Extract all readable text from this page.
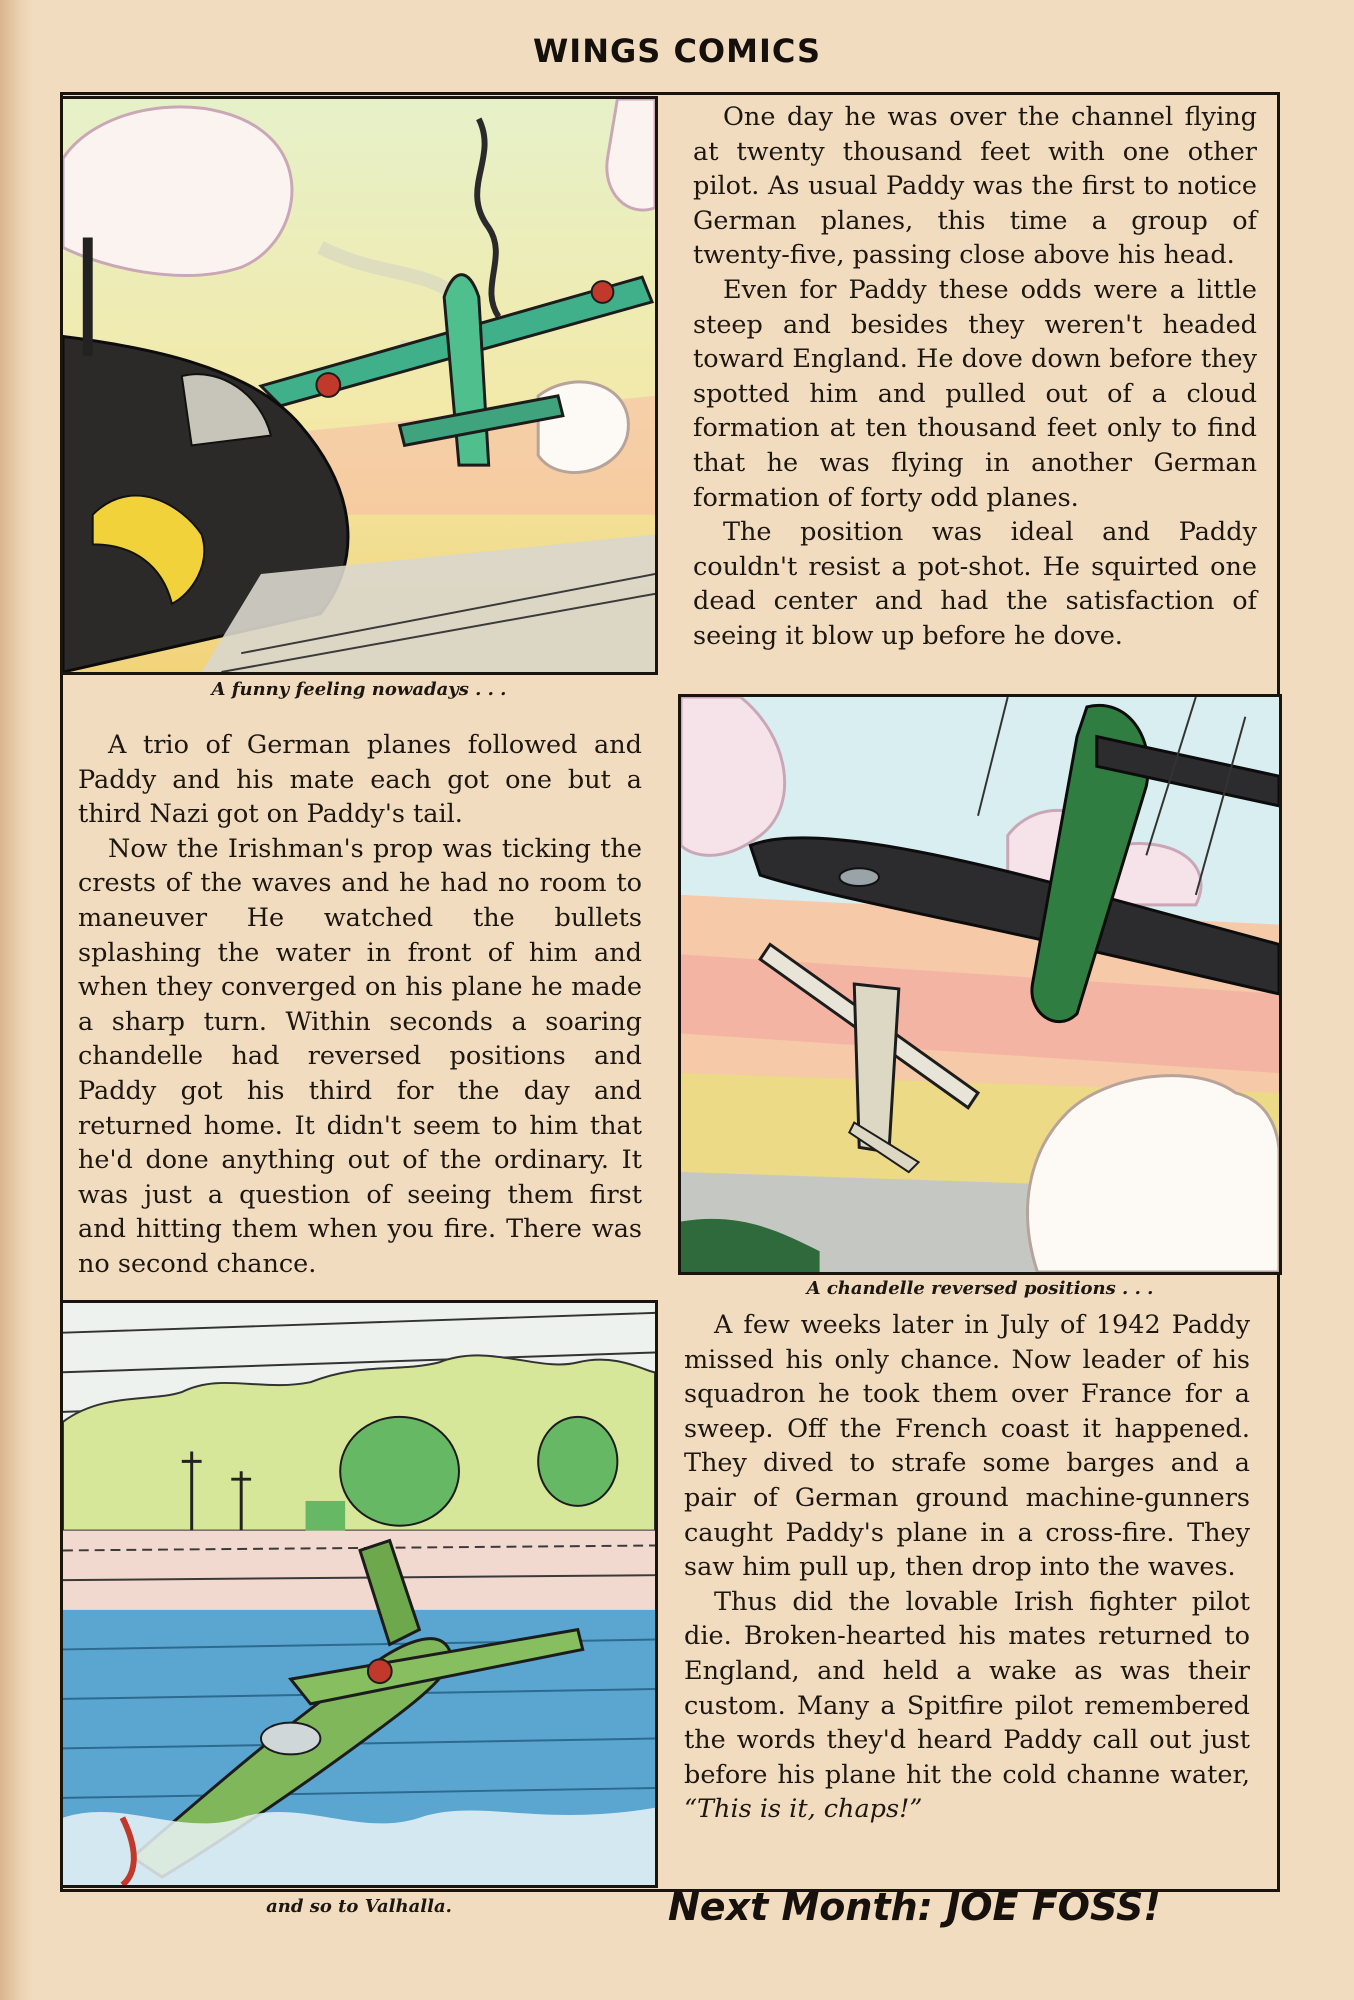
WINGS COMICS
A funny feeling nowadays . . .

One day he was over the channel flying at twenty thousand feet with one other pilot. As usual Paddy was the first to notice German planes, this time a group of twenty-five, passing close above his head.

Even for Paddy these odds were a little steep and besides they weren't headed toward England. He dove down before they spotted him and pulled out of a cloud formation at ten thousand feet only to find that he was flying in another German formation of forty odd planes.

The position was ideal and Paddy couldn't resist a pot-shot. He squirted one dead center and had the satisfaction of seeing it blow up before he dove.

A trio of German planes followed and Paddy and his mate each got one but a third Nazi got on Paddy's tail.

Now the Irishman's prop was ticking the crests of the waves and he had no room to maneuver He watched the bullets splashing the water in front of him and when they converged on his plane he made a sharp turn. Within seconds a soaring chandelle had reversed positions and Paddy got his third for the day and returned home. It didn't seem to him that he'd done anything out of the ordinary. It was just a question of seeing them first and hitting them when you fire. There was no second chance.

A chandelle reversed positions . . .
and so to Valhalla.

A few weeks later in July of 1942 Paddy missed his only chance. Now leader of his squadron he took them over France for a sweep. Off the French coast it happened. They dived to strafe some barges and a pair of German ground machine-gunners caught Paddy's plane in a cross-fire. They saw him pull up, then drop into the waves.

Thus did the lovable Irish fighter pilot die. Broken-hearted his mates returned to England, and held a wake as was their custom. Many a Spitfire pilot remembered the words they'd heard Paddy call out just before his plane hit the cold channe water, “This is it, chaps!”

Next Month: JOE FOSS!
